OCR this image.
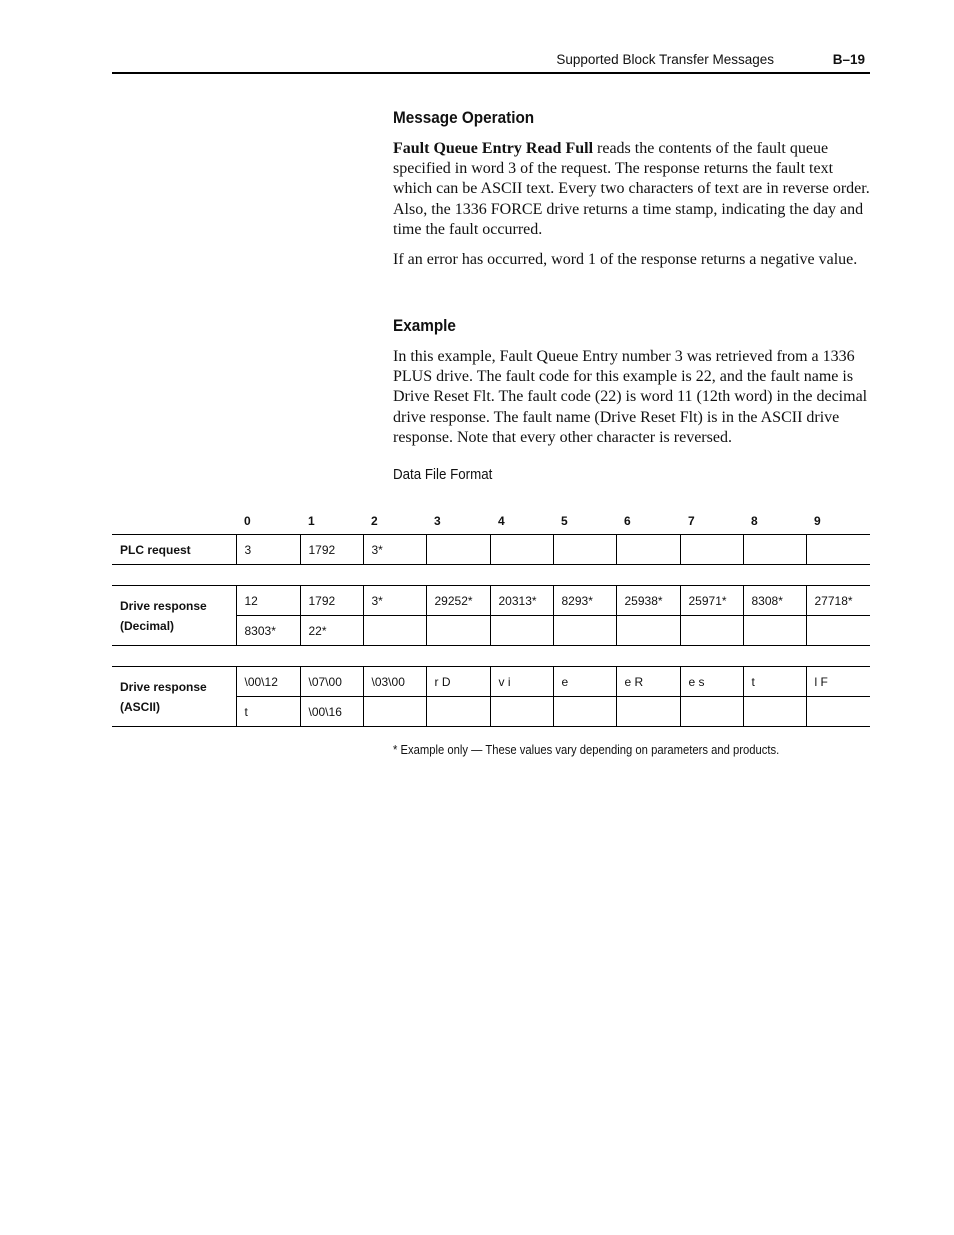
Supported Block Transfer Messages	B–19
Message Operation

Fault Queue Entry Read Full reads the contents of the fault queue specified in word 3 of the request. The response returns the fault text which can be ASCII text. Every two characters of text are in reverse order. Also, the 1336 FORCE drive returns a time stamp, indicating the day and time the fault occurred.

If an error has occurred, word 1 of the response returns a negative value.

Example

In this example, Fault Queue Entry number 3 was retrieved from a 1336 PLUS drive. The fault code for this example is 22, and the fault name is Drive Reset Flt. The fault code (22) is word 11 (12th word) in the decimal drive response. The fault name (Drive Reset Flt) is in the ASCII drive response. Note that every other character is reversed.

Data File Format
	0	1	2	3	4	5	6	7	8	9
PLC request	3	1792	3*							

Drive response
(Decimal)	12	1792	3*	29252*	20313*	8293*	25938*	25971*	8308*	27718*
	8303*	22*								

Drive response
(ASCII)	\00\12	\07\00	\03\00	r D	v i	e	e R	e s	t	l F
	t	\00\16								
* Example only — These values vary depending on parameters and products.
